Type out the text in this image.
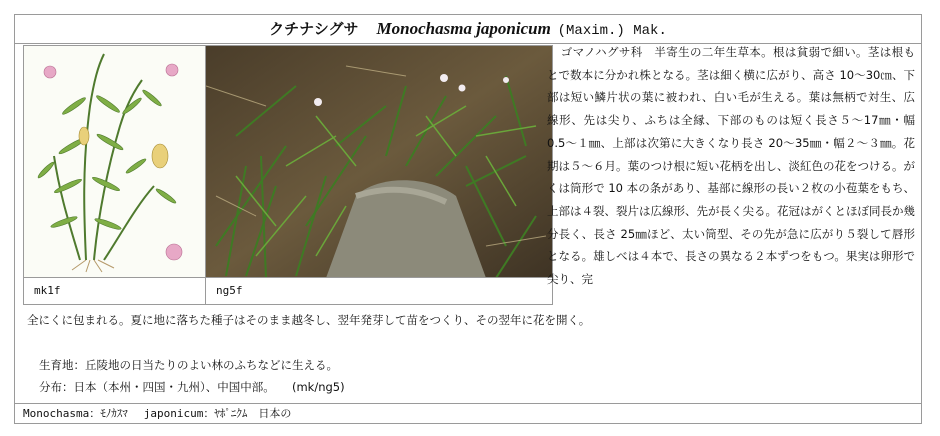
クチナシグサ Monochasma japonicum (Maxim.) Mak.
mk1f	ng5f
ゴマノハグサ科　半寄生の二年生草本。根は貧弱で細い。茎は根もとで数本に分かれ株となる。茎は細く横に広がり、高さ 10～30㎝、下部は短い鱗片状の葉に被われ、白い毛が生える。葉は無柄で対生、広線形、先は尖り、ふちは全縁、下部のものは短く長さ５～17㎜・幅 0.5～１㎜、上部は次第に大きくなり長さ 20～35㎜・幅２～３㎜。花期は５～６月。葉のつけ根に短い花柄を出し、淡紅色の花をつける。がくは筒形で 10 本の条があり、基部に線形の長い２枚の小苞葉をもち、上部は４裂、裂片は広線形、先が長く尖る。花冠はがくとほぼ同長か幾分長く、長さ 25㎜ほど、太い筒型、その先が急に広がり５裂して唇形となる。雄しべは４本で、長さの異なる２本ずつをもつ。果実は卵形で尖り、完
全にくに包まれる。夏に地に落ちた種子はそのまま越冬し、翌年発芽して苗をつくり、その翌年に花を開く。
生育地：丘陵地の日当たりのよい林のふちなどに生える。
分布：日本（本州・四国・九州）、中国中部。　　(mk/ng5)
Monochasma：ﾓﾉｶｽﾏ japonicum：ﾔﾎﾟﾆｸﾑ　日本の
